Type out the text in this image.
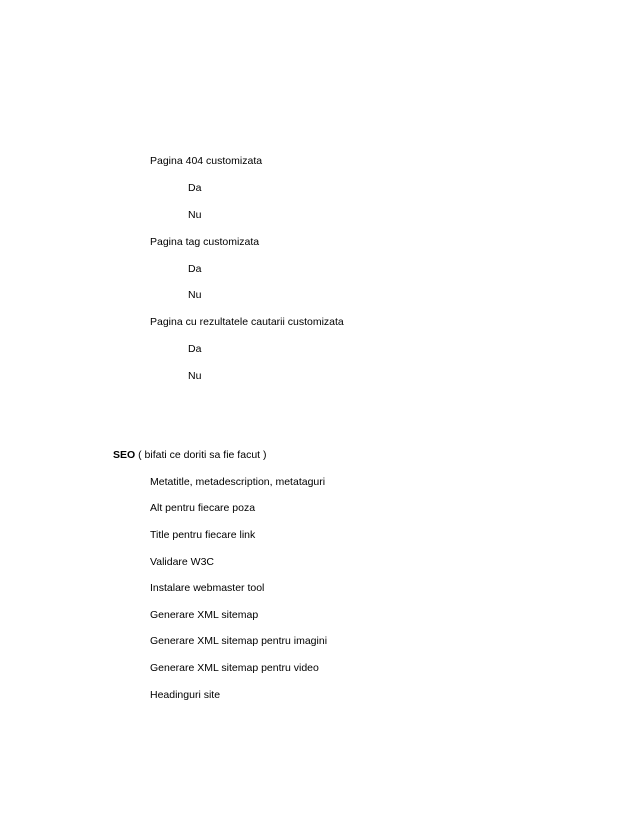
Pagina 404 customizata
Da
Nu
Pagina tag customizata
Da
Nu
Pagina cu rezultatele cautarii customizata
Da
Nu
SEO ( bifati ce doriti sa fie facut )
Metatitle, metadescription, metataguri
Alt pentru fiecare poza
Title pentru fiecare link
Validare W3C
Instalare webmaster tool
Generare XML sitemap
Generare XML sitemap pentru imagini
Generare XML sitemap pentru video
Headinguri site
